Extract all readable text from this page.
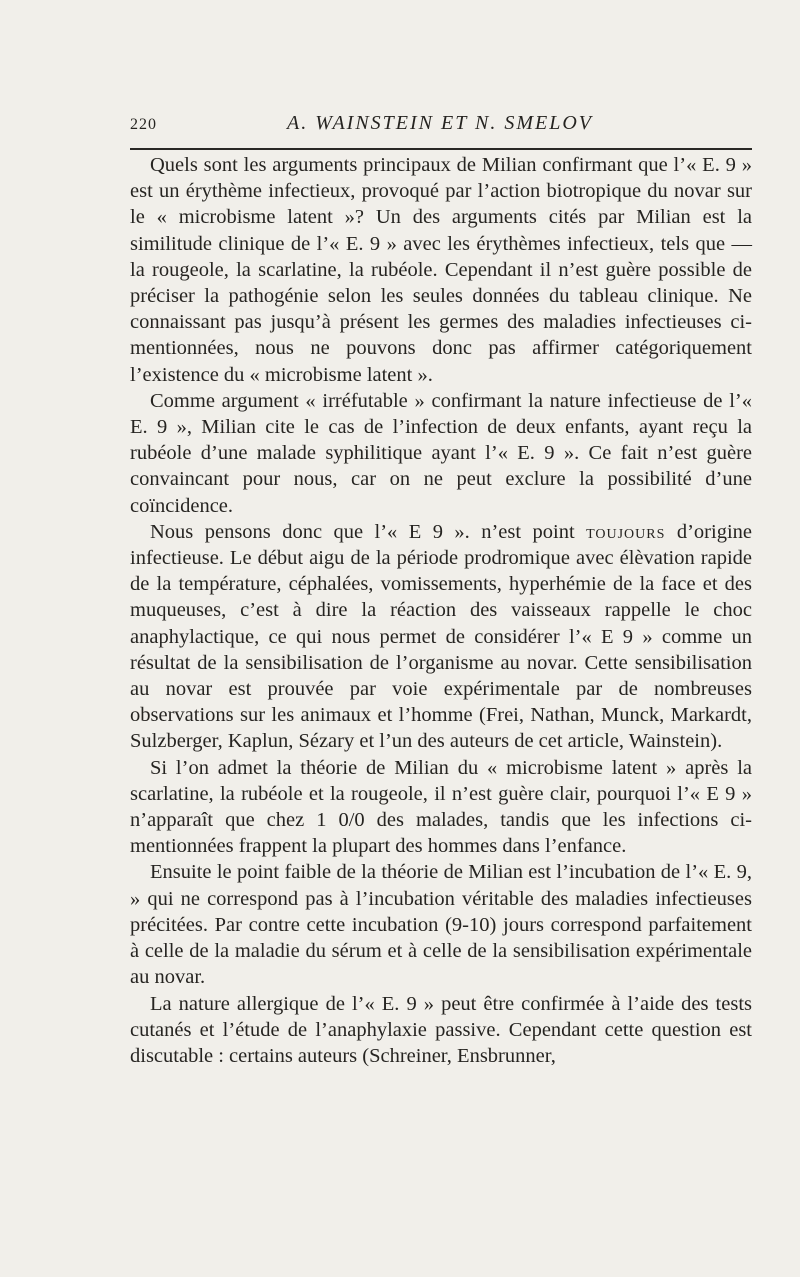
220	A. WAINSTEIN ET N. SMELOV

Quels sont les arguments principaux de Milian confirmant que l’« E. 9 » est un érythème infectieux, provoqué par l’action biotropique du novar sur le « microbisme latent »? Un des arguments cités par Milian est la similitude clinique de l’« E. 9 » avec les érythèmes infectieux, tels que — la rougeole, la scarlatine, la rubéole. Cependant il n’est guère possible de préciser la pathogénie selon les seules données du tableau clinique. Ne connaissant pas jusqu’à présent les germes des maladies infectieuses ci-mentionnées, nous ne pouvons donc pas affirmer catégoriquement l’existence du « microbisme latent ».

Comme argument « irréfutable » confirmant la nature infectieuse de l’« E. 9 », Milian cite le cas de l’infection de deux enfants, ayant reçu la rubéole d’une malade syphilitique ayant l’« E. 9 ». Ce fait n’est guère convaincant pour nous, car on ne peut exclure la possibilité d’une coïncidence.

Nous pensons donc que l’« E 9 ». n’est point toujours d’origine infectieuse. Le début aigu de la période prodromique avec élèvation rapide de la température, céphalées, vomissements, hyperhémie de la face et des muqueuses, c’est à dire la réaction des vaisseaux rappelle le choc anaphylactique, ce qui nous permet de considérer l’« E 9 » comme un résultat de la sensibilisation de l’organisme au novar. Cette sensibilisation au novar est prouvée par voie expérimentale par de nombreuses observations sur les animaux et l’homme (Frei, Nathan, Munck, Markardt, Sulzberger, Kaplun, Sézary et l’un des auteurs de cet article, Wainstein).

Si l’on admet la théorie de Milian du « microbisme latent » après la scarlatine, la rubéole et la rougeole, il n’est guère clair, pourquoi l’« E 9 » n’apparaît que chez 1 0/0 des malades, tandis que les infections ci-mentionnées frappent la plupart des hommes dans l’enfance.

Ensuite le point faible de la théorie de Milian est l’incubation de l’« E. 9, » qui ne correspond pas à l’incubation véritable des maladies infectieuses précitées. Par contre cette incubation (9-10) jours correspond parfaitement à celle de la maladie du sérum et à celle de la sensibilisation expérimentale au novar.

La nature allergique de l’« E. 9 » peut être confirmée à l’aide des tests cutanés et l’étude de l’anaphylaxie passive. Cependant cette question est discutable : certains auteurs (Schreiner, Ensbrunner,
